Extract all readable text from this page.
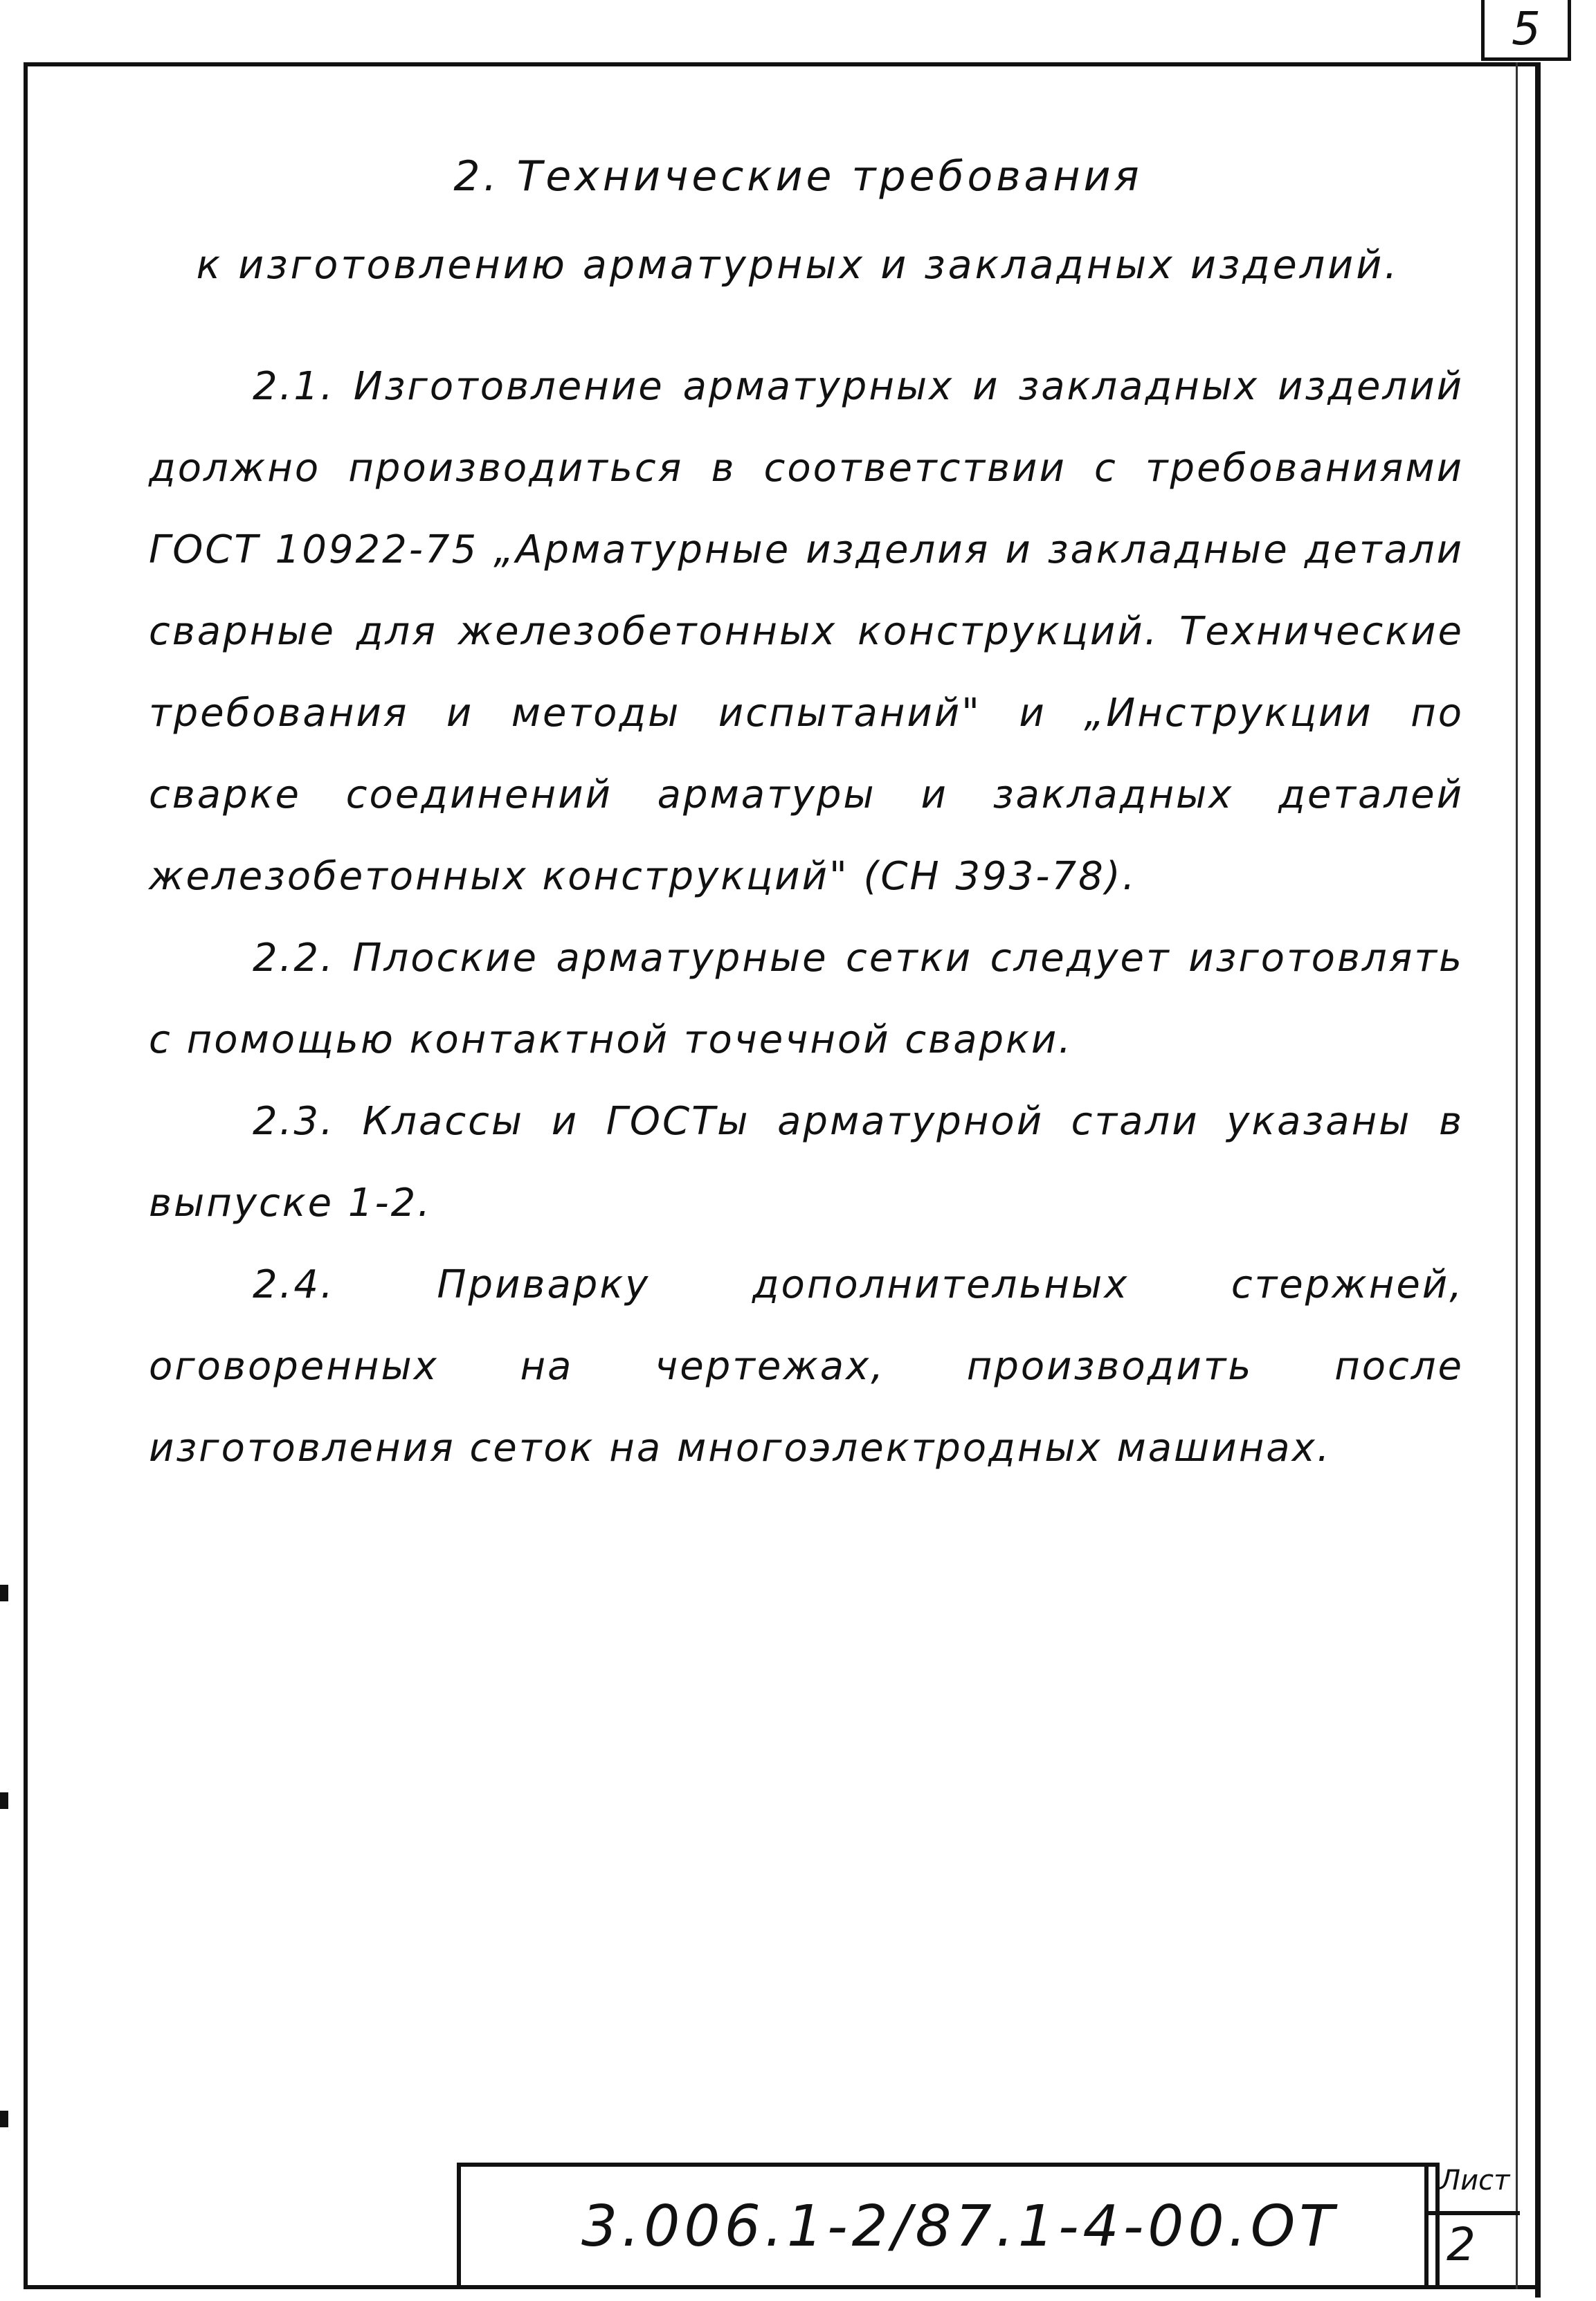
5
2. Технические требования
к изготовлению арматурных и закладных изделий.

2.1. Изготовление арматурных и закладных изделий должно производиться в соответствии с требованиями ГОСТ 10922-75 „Арматурные изделия и закладные детали сварные для железобетонных конструкций. Технические требования и методы испытаний" и „Инструкции по сварке соединений арматуры и закладных деталей железобетонных конструкций" (СН 393-78).

2.2. Плоские арматурные сетки следует изготовлять с помощью контактной точечной сварки.

2.3. Классы и ГОСТы арматурной стали указаны в выпуске 1-2.

2.4. Приварку дополнительных стержней, оговоренных на чертежах, производить после изготовления сеток на многоэлектродных машинах.

3.006.1-2/87.1-4-00.ОТ
Лист
2
